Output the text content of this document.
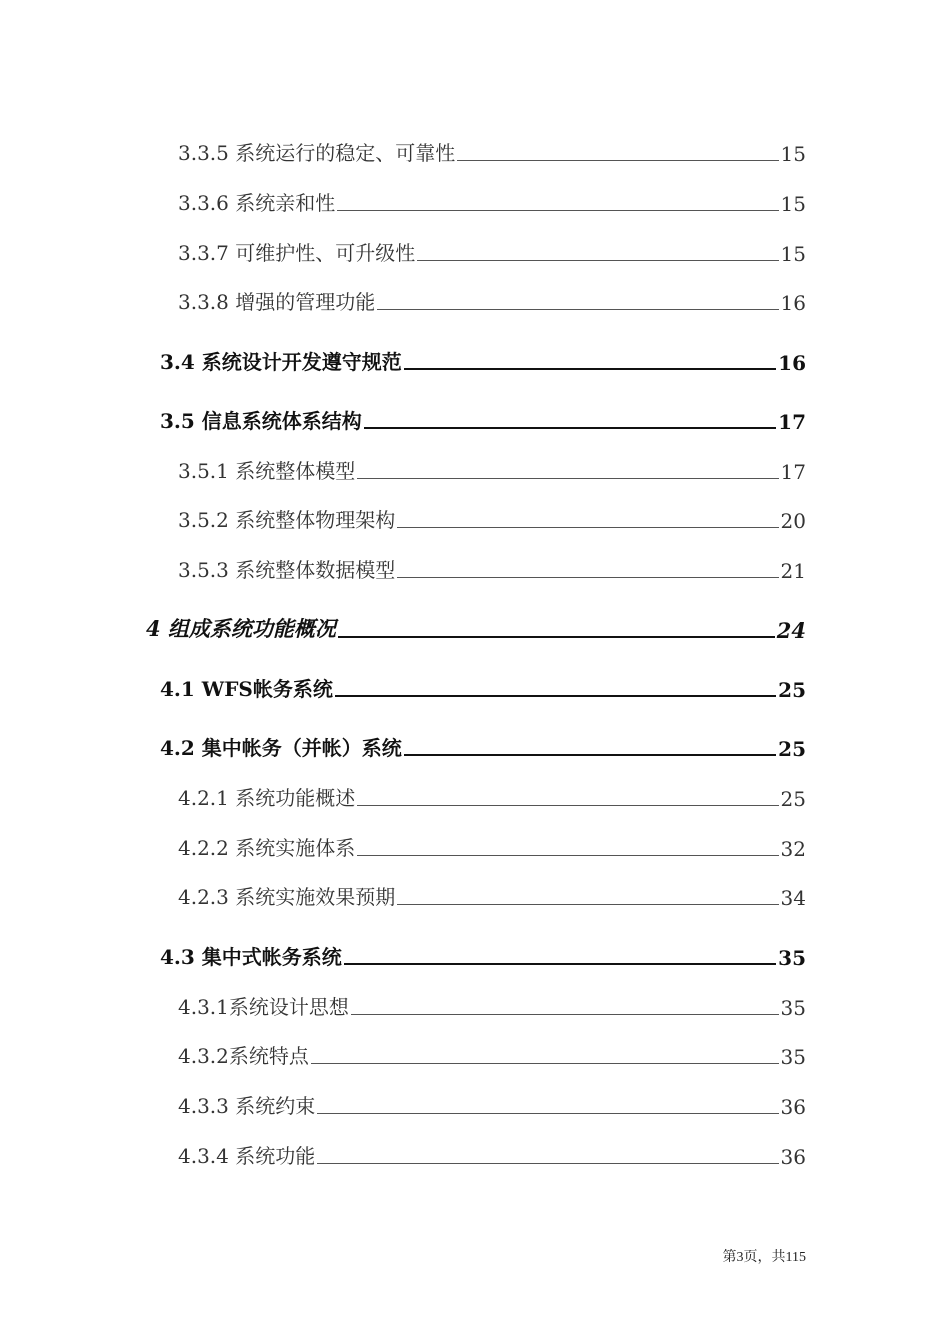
3.3.5 系统运行的稳定、可靠性	15
3.3.6 系统亲和性	15
3.3.7 可维护性、可升级性	15
3.3.8 增强的管理功能	16
3.4 系统设计开发遵守规范	16
3.5 信息系统体系结构	17
3.5.1 系统整体模型	17
3.5.2 系统整体物理架构	20
3.5.3 系统整体数据模型	21
4 组成系统功能概况	24
4.1 WFS帐务系统	25
4.2 集中帐务（并帐）系统	25
4.2.1 系统功能概述	25
4.2.2 系统实施体系	32
4.2.3 系统实施效果预期	34
4.3 集中式帐务系统	35
4.3.1系统设计思想	35
4.3.2系统特点	35
4.3.3 系统约束	36
4.3.4 系统功能	36
第3页，共115
